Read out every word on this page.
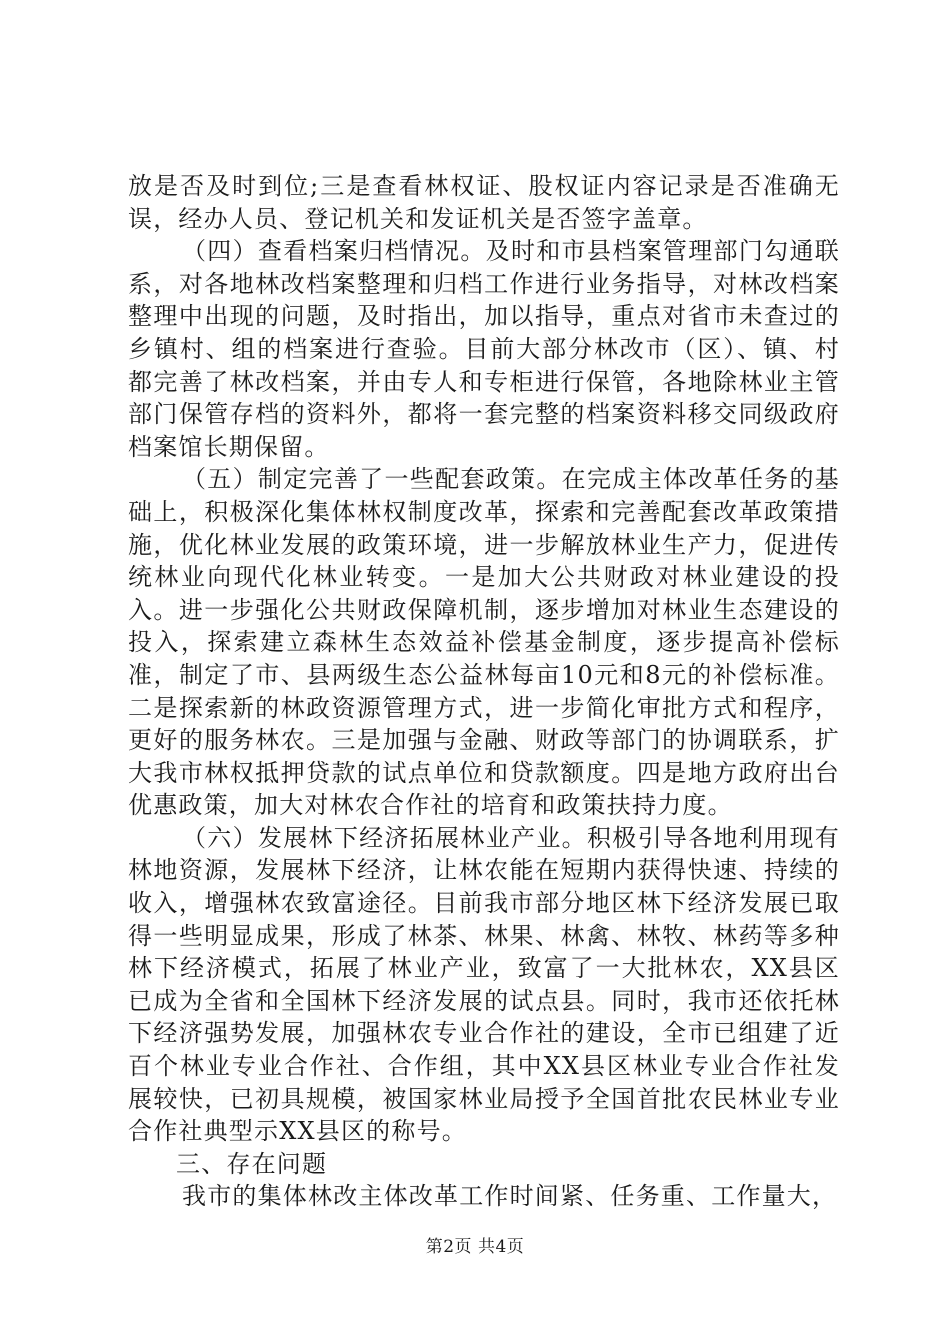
放是否及时到位;三是查看林权证、股权证内容记录是否准确无误，经办人员、登记机关和发证机关是否签字盖章。

（四）查看档案归档情况。及时和市县档案管理部门勾通联系，对各地林改档案整理和归档工作进行业务指导，对林改档案整理中出现的问题，及时指出，加以指导，重点对省市未查过的乡镇村、组的档案进行查验。目前大部分林改市（区）、镇、村都完善了林改档案，并由专人和专柜进行保管，各地除林业主管部门保管存档的资料外，都将一套完整的档案资料移交同级政府档案馆长期保留。

（五）制定完善了一些配套政策。在完成主体改革任务的基础上，积极深化集体林权制度改革，探索和完善配套改革政策措施，优化林业发展的政策环境，进一步解放林业生产力，促进传统林业向现代化林业转变。一是加大公共财政对林业建设的投入。进一步强化公共财政保障机制，逐步增加对林业生态建设的投入，探索建立森林生态效益补偿基金制度，逐步提高补偿标准，制定了市、县两级生态公益林每亩10元和8元的补偿标准。二是探索新的林政资源管理方式，进一步简化审批方式和程序，更好的服务林农。三是加强与金融、财政等部门的协调联系，扩大我市林权抵押贷款的试点单位和贷款额度。四是地方政府出台优惠政策，加大对林农合作社的培育和政策扶持力度。

（六）发展林下经济拓展林业产业。积极引导各地利用现有林地资源，发展林下经济，让林农能在短期内获得快速、持续的收入，增强林农致富途径。目前我市部分地区林下经济发展已取得一些明显成果，形成了林茶、林果、林禽、林牧、林药等多种林下经济模式，拓展了林业产业，致富了一大批林农，XX县区已成为全省和全国林下经济发展的试点县。同时，我市还依托林下经济强势发展，加强林农专业合作社的建设，全市已组建了近百个林业专业合作社、合作组，其中XX县区林业专业合作社发展较快，已初具规模，被国家林业局授予全国首批农民林业专业合作社典型示XX县区的称号。

三、存在问题

我市的集体林改主体改革工作时间紧、任务重、工作量大，

第2页 共4页
